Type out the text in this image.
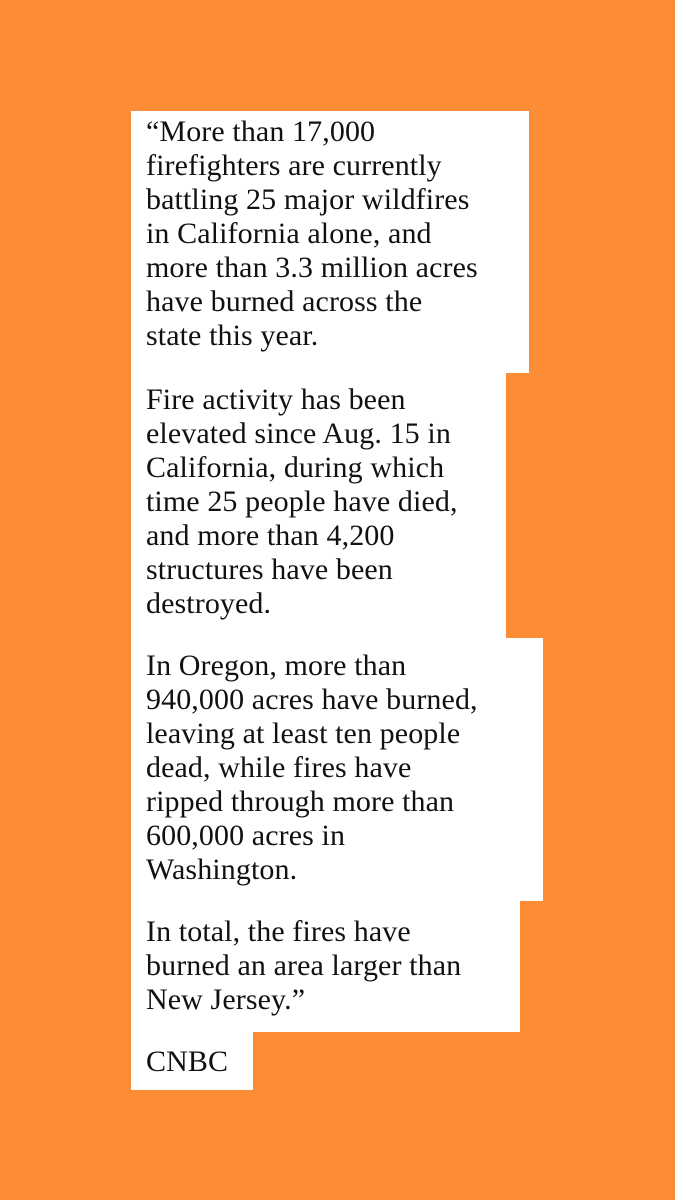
“More than 17,000
firefighters are currently
battling 25 major wildfires
in California alone, and
more than 3.3 million acres
have burned across the
state this year.
Fire activity has been
elevated since Aug. 15 in
California, during which
time 25 people have died,
and more than 4,200
structures have been
destroyed.
In Oregon, more than
940,000 acres have burned,
leaving at least ten people
dead, while fires have
ripped through more than
600,000 acres in
Washington.
In total, the fires have
burned an area larger than
New Jersey.”
CNBC
